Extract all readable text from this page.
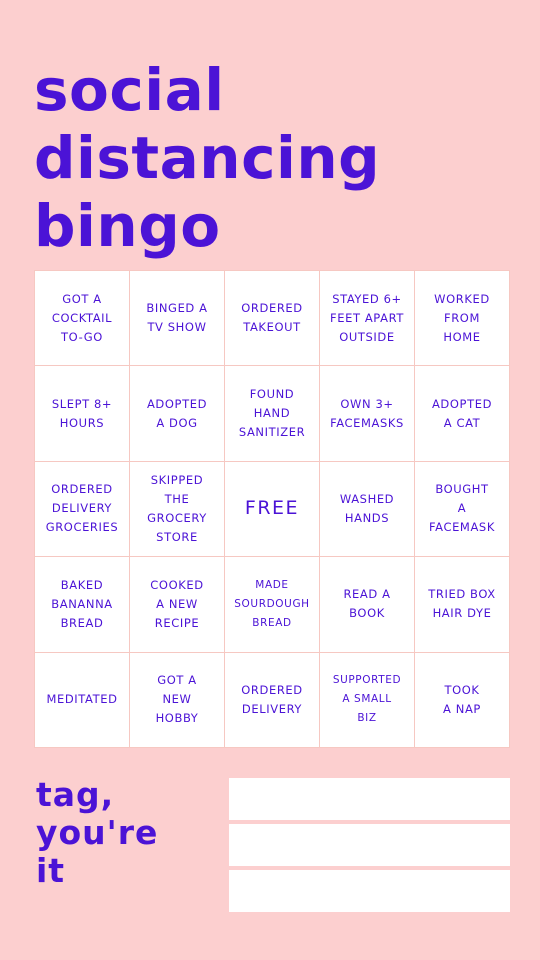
social
distancing
bingo
GOT A
COCKTAIL
TO-GO
BINGED A
TV SHOW
ORDERED
TAKEOUT
STAYED 6+
FEET APART
OUTSIDE
WORKED
FROM
HOME
SLEPT 8+
HOURS
ADOPTED
A DOG
FOUND
HAND
SANITIZER
OWN 3+
FACEMASKS
ADOPTED
A CAT
ORDERED
DELIVERY
GROCERIES
SKIPPED
THE
GROCERY
STORE
FREE	WASHED
HANDS
BOUGHT
A
FACEMASK
BAKED
BANANNA
BREAD
COOKED
A NEW
RECIPE
MADE
SOURDOUGH
BREAD
READ A
BOOK
TRIED BOX
HAIR DYE
MEDITATED
GOT A
NEW
HOBBY
ORDERED
DELIVERY
SUPPORTED
A SMALL
BIZ
TOOK
A NAP
tag,
you're
it
